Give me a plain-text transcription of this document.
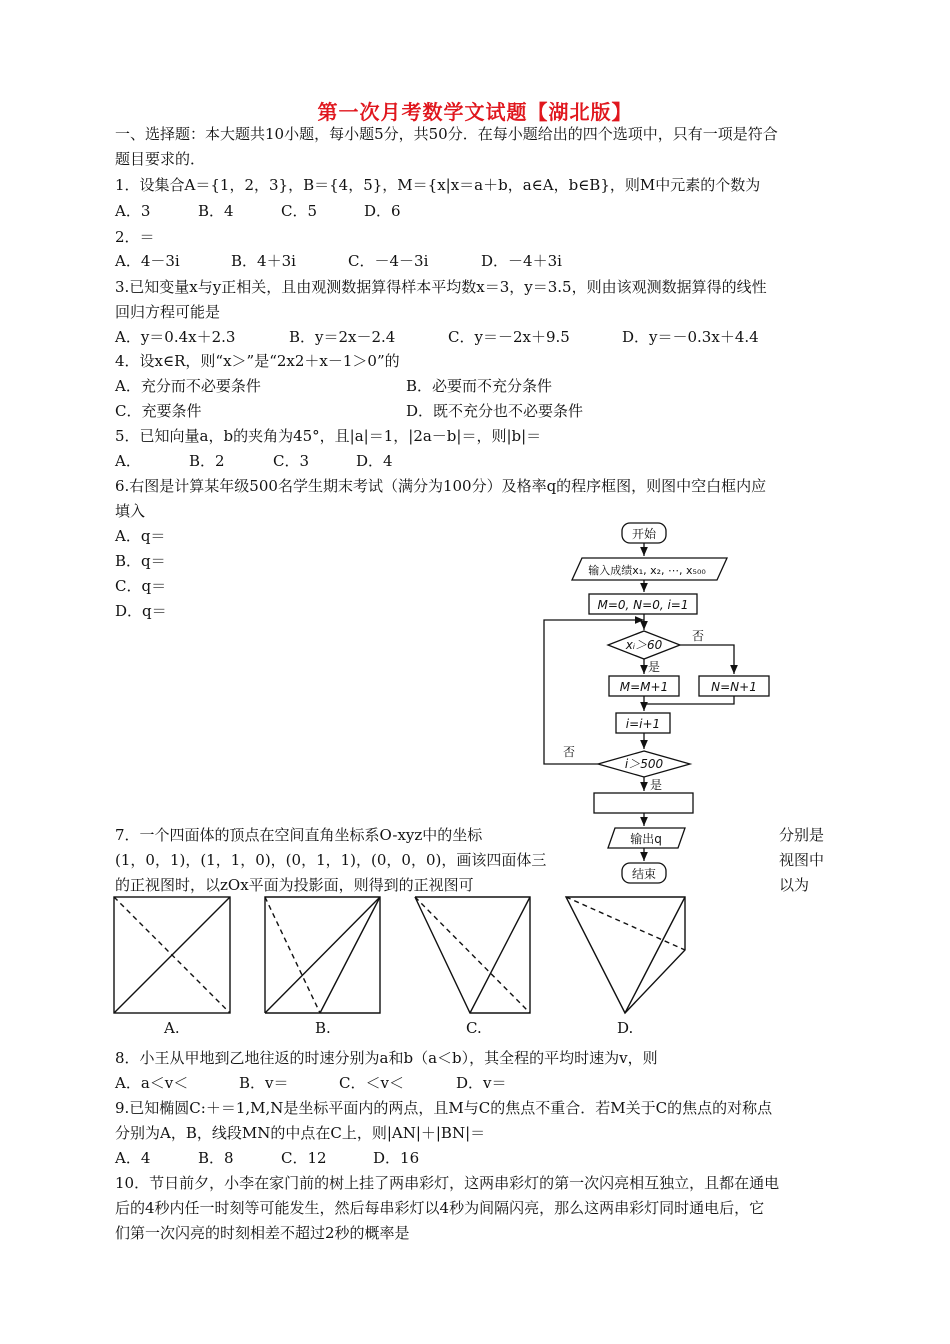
第一次月考数学文试题【湖北版】
一、选择题：本大题共10小题，每小题5分，共50分．在每小题给出的四个选项中，只有一项是符合
题目要求的．
1．设集合A＝{1，2，3}，B＝{4，5}，M＝{x|x＝a＋b，a∈A，b∈B}，则M中元素的个数为
A．3	B．4	C．5	D．6
2．＝
A．4－3i	B．4＋3i	C．－4－3i	D．－4＋3i
3.已知变量x与y正相关，且由观测数据算得样本平均数x＝3，y＝3.5，则由该观测数据算得的线性
回归方程可能是
A．y＝0.4x＋2.3	B．y＝2x－2.4	C．y＝－2x＋9.5	D．y＝－0.3x＋4.4
4．设x∈R，则“x＞”是“2x2＋x－1＞0”的
A．充分而不必要条件	B．必要而不充分条件
C．充要条件	D．既不充分也不必要条件
5．已知向量a，b的夹角为45°，且|a|＝1，|2a－b|＝，则|b|＝
A．	B．2	C．3	D．4
6.右图是计算某年级500名学生期末考试（满分为100分）及格率q的程序框图，则图中空白框内应
填入
A．q＝
B．q＝
C．q＝
D．q＝
开始
输入成绩x₁, x₂, ⋯, x₅₀₀
M=0, N=0, i=1
xᵢ＞60
否
是
M=M+1	N=N+1
i=i+1
i＞500
否
是
输出q
结束
7．一个四面体的顶点在空间直角坐标系O-xyz中的坐标	分别是
(1，0，1)，(1，1，0)，(0，1，1)，(0，0，0)，画该四面体三	视图中
的正视图时，以zOx平面为投影面，则得到的正视图可	以为
A.	B.	C.	D.
8．小王从甲地到乙地往返的时速分别为a和b（a＜b），其全程的平均时速为v，则
A．a＜v＜	B．v＝	C．＜v＜	D．v＝
9.已知椭圆C:＋＝1,M,N是坐标平面内的两点，且M与C的焦点不重合．若M关于C的焦点的对称点
分别为A，B，线段MN的中点在C上，则|AN|＋|BN|＝
A．4	B．8	C．12	D．16
10．节日前夕，小李在家门前的树上挂了两串彩灯，这两串彩灯的第一次闪亮相互独立，且都在通电
后的4秒内任一时刻等可能发生，然后每串彩灯以4秒为间隔闪亮，那么这两串彩灯同时通电后，它
们第一次闪亮的时刻相差不超过2秒的概率是
